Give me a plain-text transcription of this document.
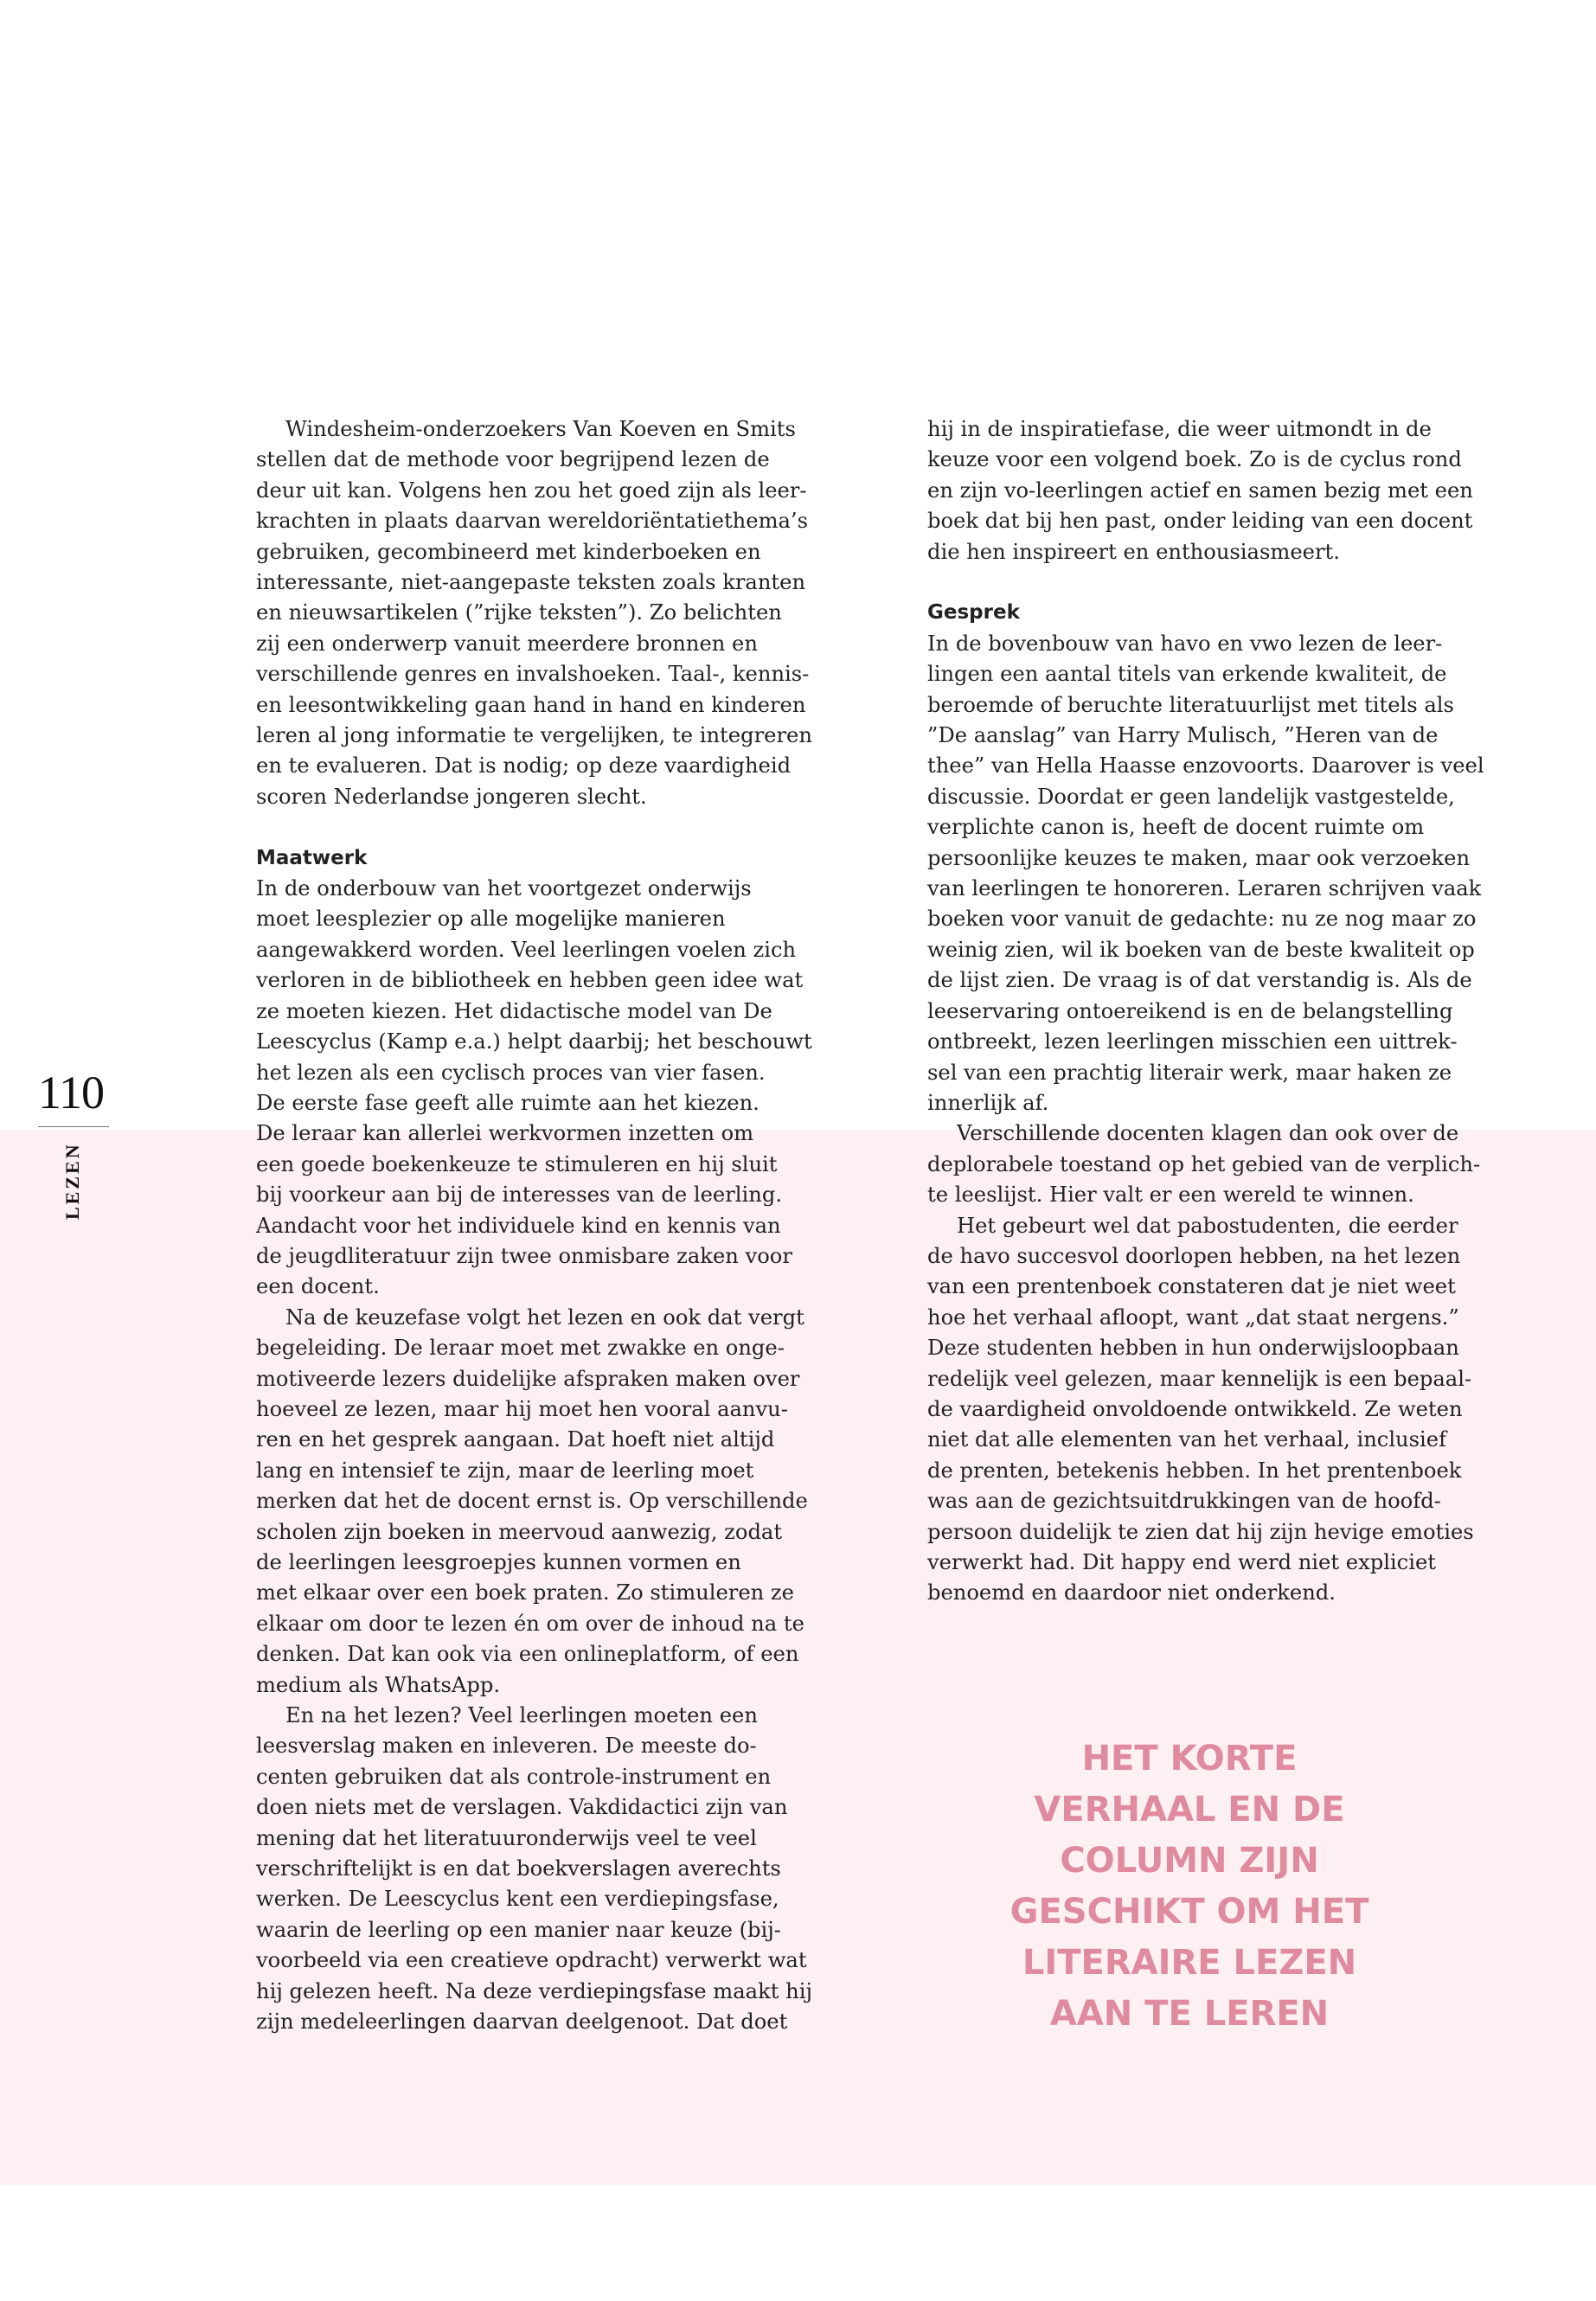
110
LEZEN
Windesheim-onderzoekers Van Koeven en Smits
stellen dat de methode voor begrijpend lezen de
deur uit kan. Volgens hen zou het goed zijn als leer-
krachten in plaats daarvan wereldoriëntatiethema’s
gebruiken, gecombineerd met kinderboeken en
interessante, niet-aangepaste teksten zoals kranten
en nieuwsartikelen (”rijke teksten”). Zo belichten
zij een onderwerp vanuit meerdere bronnen en
verschillende genres en invalshoeken. Taal-, kennis-
en leesontwikkeling gaan hand in hand en kinderen
leren al jong informatie te vergelijken, te integreren
en te evalueren. Dat is nodig; op deze vaardigheid
scoren Nederlandse jongeren slecht.
Maatwerk
In de onderbouw van het voortgezet onderwijs
moet leesplezier op alle mogelijke manieren
aangewakkerd worden. Veel leerlingen voelen zich
verloren in de bibliotheek en hebben geen idee wat
ze moeten kiezen. Het didactische model van De
Leescyclus (Kamp e.a.) helpt daarbij; het beschouwt
het lezen als een cyclisch proces van vier fasen.
De eerste fase geeft alle ruimte aan het kiezen.
De leraar kan allerlei werkvormen inzetten om
een goede boekenkeuze te stimuleren en hij sluit
bij voorkeur aan bij de interesses van de leerling.
Aandacht voor het individuele kind en kennis van
de jeugdliteratuur zijn twee onmisbare zaken voor
een docent.
Na de keuzefase volgt het lezen en ook dat vergt
begeleiding. De leraar moet met zwakke en onge-
motiveerde lezers duidelijke afspraken maken over
hoeveel ze lezen, maar hij moet hen vooral aanvu-
ren en het gesprek aangaan. Dat hoeft niet altijd
lang en intensief te zijn, maar de leerling moet
merken dat het de docent ernst is. Op verschillende
scholen zijn boeken in meervoud aanwezig, zodat
de leerlingen leesgroepjes kunnen vormen en
met elkaar over een boek praten. Zo stimuleren ze
elkaar om door te lezen én om over de inhoud na te
denken. Dat kan ook via een onlineplatform, of een
medium als WhatsApp.
En na het lezen? Veel leerlingen moeten een
leesverslag maken en inleveren. De meeste do-
centen gebruiken dat als controle-instrument en
doen niets met de verslagen. Vakdidactici zijn van
mening dat het literatuuronderwijs veel te veel
verschriftelijkt is en dat boekverslagen averechts
werken. De Leescyclus kent een verdiepingsfase,
waarin de leerling op een manier naar keuze (bij-
voorbeeld via een creatieve opdracht) verwerkt wat
hij gelezen heeft. Na deze verdiepingsfase maakt hij
zijn medeleerlingen daarvan deelgenoot. Dat doet
hij in de inspiratiefase, die weer uitmondt in de
keuze voor een volgend boek. Zo is de cyclus rond
en zijn vo-leerlingen actief en samen bezig met een
boek dat bij hen past, onder leiding van een docent
die hen inspireert en enthousiasmeert.
Gesprek
In de bovenbouw van havo en vwo lezen de leer-
lingen een aantal titels van erkende kwaliteit, de
beroemde of beruchte literatuurlijst met titels als
”De aanslag” van Harry Mulisch, ”Heren van de
thee” van Hella Haasse enzovoorts. Daarover is veel
discussie. Doordat er geen landelijk vastgestelde,
verplichte canon is, heeft de docent ruimte om
persoonlijke keuzes te maken, maar ook verzoeken
van leerlingen te honoreren. Leraren schrijven vaak
boeken voor vanuit de gedachte: nu ze nog maar zo
weinig zien, wil ik boeken van de beste kwaliteit op
de lijst zien. De vraag is of dat verstandig is. Als de
leeservaring ontoereikend is en de belangstelling
ontbreekt, lezen leerlingen misschien een uittrek-
sel van een prachtig literair werk, maar haken ze
innerlijk af.
Verschillende docenten klagen dan ook over de
deplorabele toestand op het gebied van de verplich-
te leeslijst. Hier valt er een wereld te winnen.
Het gebeurt wel dat pabostudenten, die eerder
de havo succesvol doorlopen hebben, na het lezen
van een prentenboek constateren dat je niet weet
hoe het verhaal afloopt, want „dat staat nergens.”
Deze studenten hebben in hun onderwijsloopbaan
redelijk veel gelezen, maar kennelijk is een bepaal-
de vaardigheid onvoldoende ontwikkeld. Ze weten
niet dat alle elementen van het verhaal, inclusief
de prenten, betekenis hebben. In het prentenboek
was aan de gezichtsuitdrukkingen van de hoofd-
persoon duidelijk te zien dat hij zijn hevige emoties
verwerkt had. Dit happy end werd niet expliciet
benoemd en daardoor niet onderkend.
HET KORTE
VERHAAL EN DE
COLUMN ZIJN
GESCHIKT OM HET
LITERAIRE LEZEN
AAN TE LEREN
